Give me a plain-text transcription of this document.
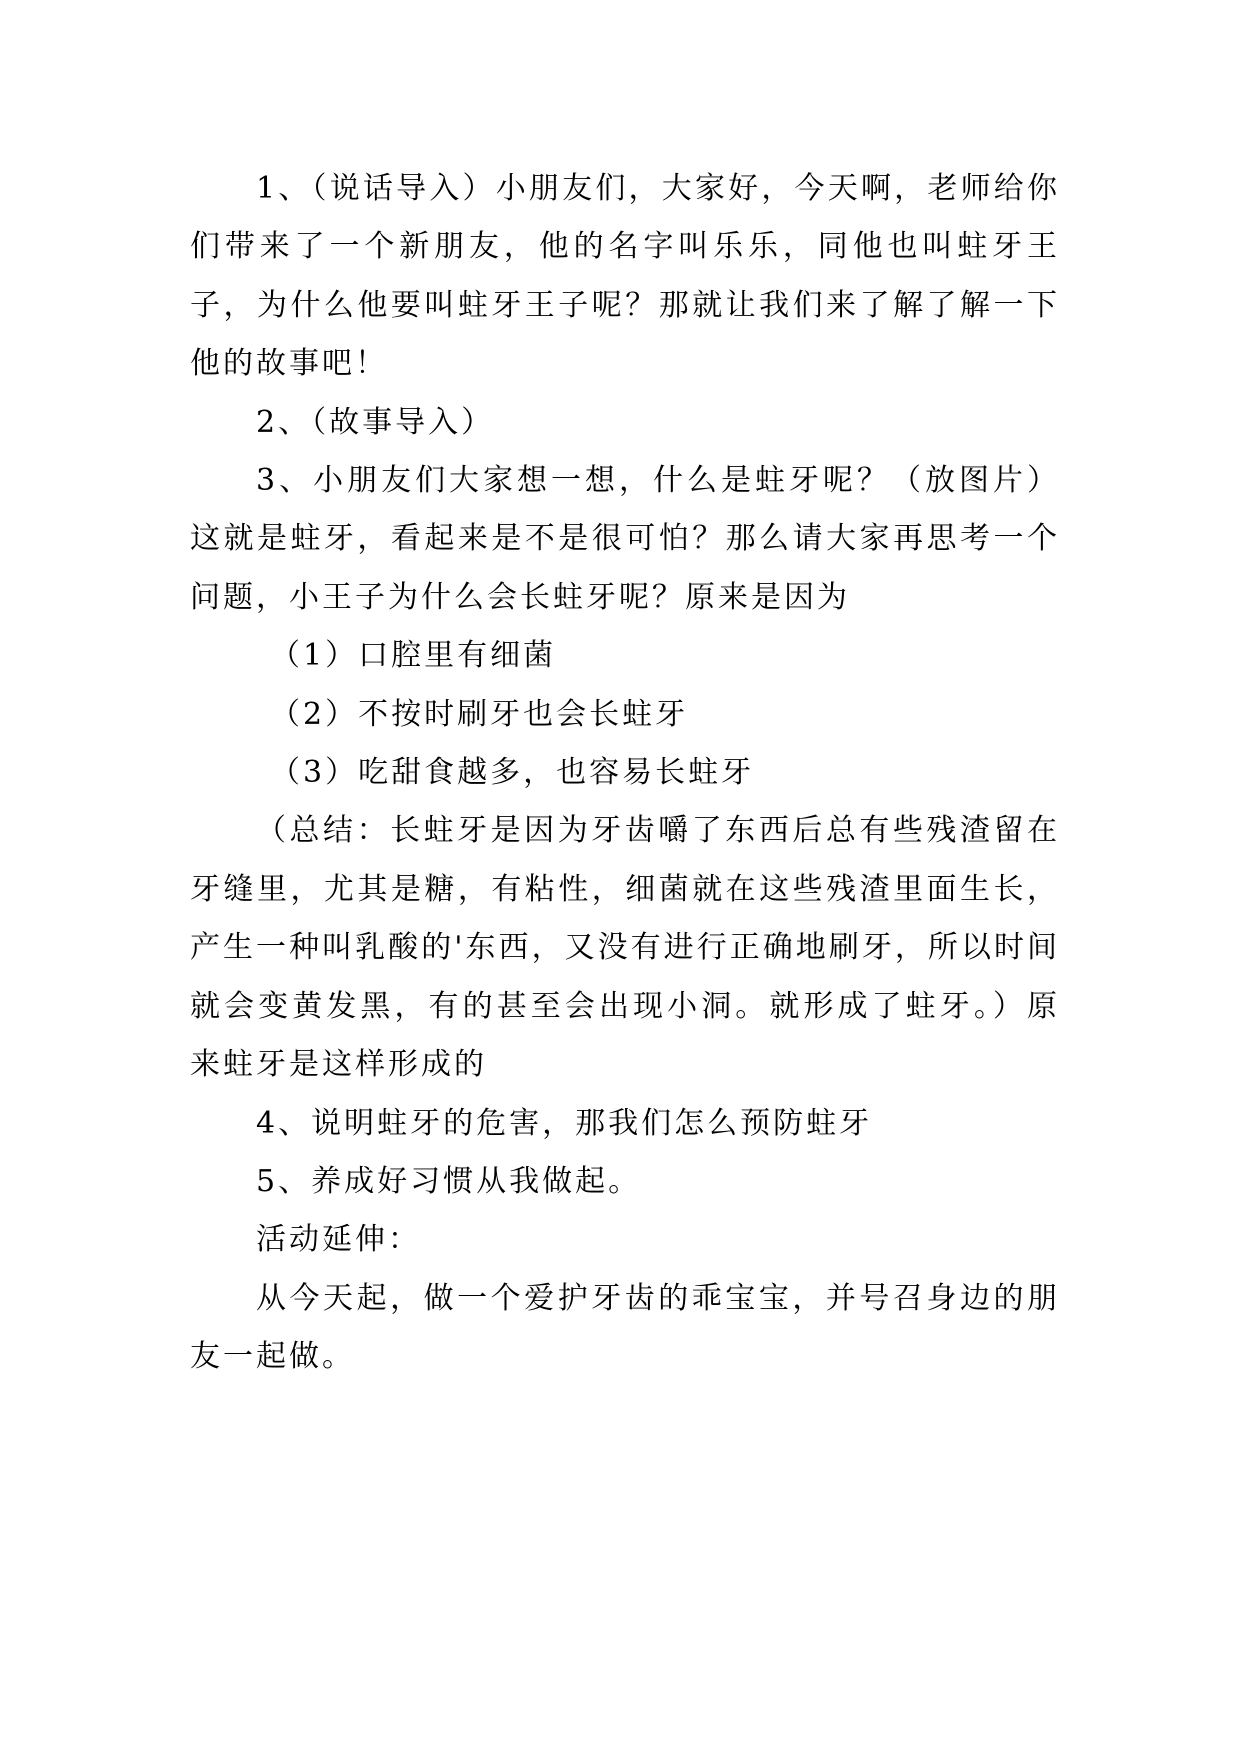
1、（说话导入）小朋友们，大家好，今天啊，老师给你们带来了一个新朋友，他的名字叫乐乐，同他也叫蛀牙王子，为什么他要叫蛀牙王子呢？那就让我们来了解了解一下他的故事吧！

2、（故事导入）

3、小朋友们大家想一想，什么是蛀牙呢？（放图片）这就是蛀牙，看起来是不是很可怕？那么请大家再思考一个问题，小王子为什么会长蛀牙呢？原来是因为

（1）口腔里有细菌

（2）不按时刷牙也会长蛀牙

（3）吃甜食越多，也容易长蛀牙

（总结：长蛀牙是因为牙齿嚼了东西后总有些残渣留在牙缝里，尤其是糖，有粘性，细菌就在这些残渣里面生长，产生一种叫乳酸的'东西，又没有进行正确地刷牙，所以时间就会变黄发黑，有的甚至会出现小洞。就形成了蛀牙。）原来蛀牙是这样形成的

4、说明蛀牙的危害，那我们怎么预防蛀牙

5、养成好习惯从我做起。

活动延伸：

从今天起，做一个爱护牙齿的乖宝宝，并号召身边的朋友一起做。
